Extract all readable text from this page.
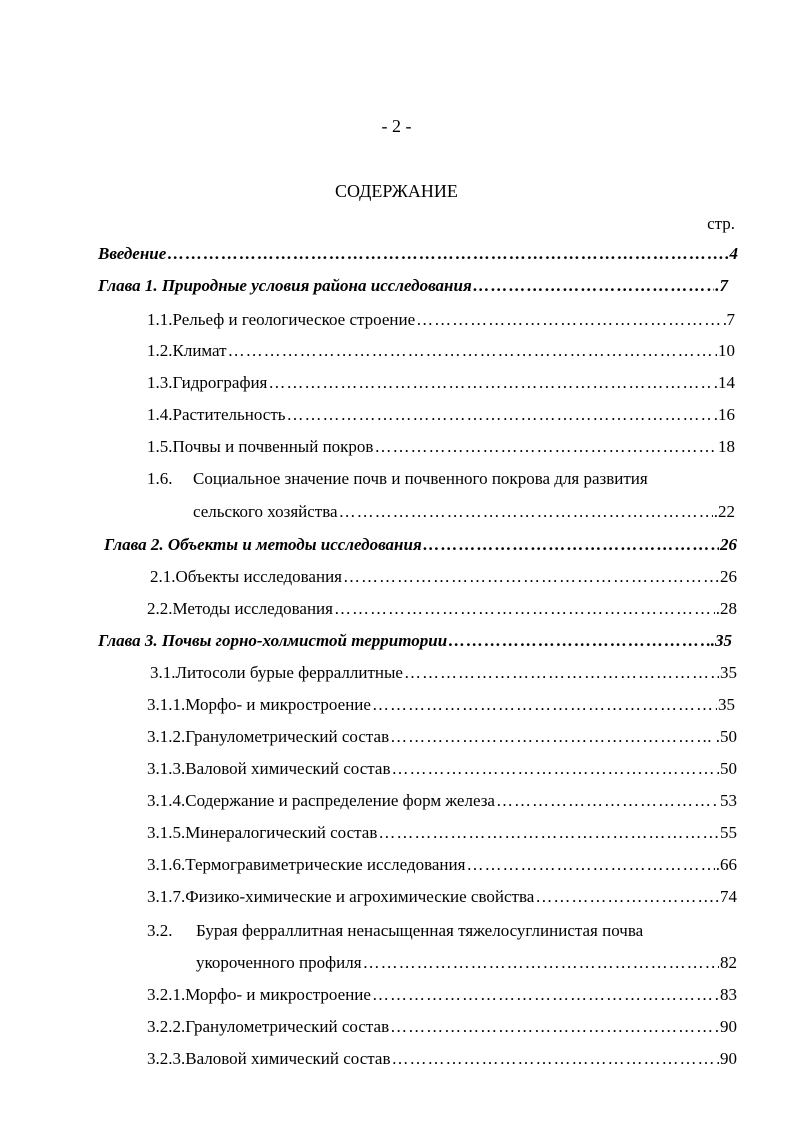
- 2 -
СОДЕРЖАНИЕ
стр.
Введение ………………………………………………………………………………………………………………………………………………………………	.4
Глава 1. Природные условия района исследования ………………………………………………………………………………………………………………………………………………………………	.7
1.1. Рельеф и геологическое строение ………………………………………………………………………………………………………………………………………………………………	7
1.2. Климат ………………………………………………………………………………………………………………………………………………………………	10
1.3. Гидрография ………………………………………………………………………………………………………………………………………………………………	.14
1.4. Растительность ………………………………………………………………………………………………………………………………………………………………	.16
1.5. Почвы и почвенный покров ………………………………………………………………………………………………………………………………………………………………	18
1.6. Социальное значение почв и почвенного покрова для развития
сельского хозяйства ………………………………………………………………………………………………………………………………………………………………	.22
Глава 2. Объекты и методы исследования ………………………………………………………………………………………………………………………………………………………………	26
2.1. Объекты исследования ………………………………………………………………………………………………………………………………………………………………	26
2.2. Методы исследования ………………………………………………………………………………………………………………………………………………………………	.28
Глава 3. Почвы горно-холмистой территории ………………………………………………………………………………………………………………………………………………………………	.35
3.1. Литосоли бурые ферраллитные ………………………………………………………………………………………………………………………………………………………………	35
3.1.1. Морфо- и микростроение ………………………………………………………………………………………………………………………………………………………………	35
3.1.2. Гранулометрический состав ………………………………………………………………………………………………………………………………………………………………	. .50
3.1.3. Валовой химический состав ………………………………………………………………………………………………………………………………………………………………	50
3.1.4. Содержание и распределение форм железа ………………………………………………………………………………………………………………………………………………………………	53
3.1.5. Минералогический состав ………………………………………………………………………………………………………………………………………………………………	55
3.1.6. Термогравиметрические исследования ………………………………………………………………………………………………………………………………………………………………	.66
3.1.7. Физико-химические и агрохимические свойства ………………………………………………………………………………………………………………………………………………………………	…74
3.2. Бурая ферраллитная ненасыщенная тяжелосуглинистая почва
укороченного профиля ………………………………………………………………………………………………………………………………………………………………	82
3.2.1. Морфо- и микростроение ………………………………………………………………………………………………………………………………………………………………	83
3.2.2. Гранулометрический состав ………………………………………………………………………………………………………………………………………………………………	90
3.2.3. Валовой химический состав ………………………………………………………………………………………………………………………………………………………………	90
